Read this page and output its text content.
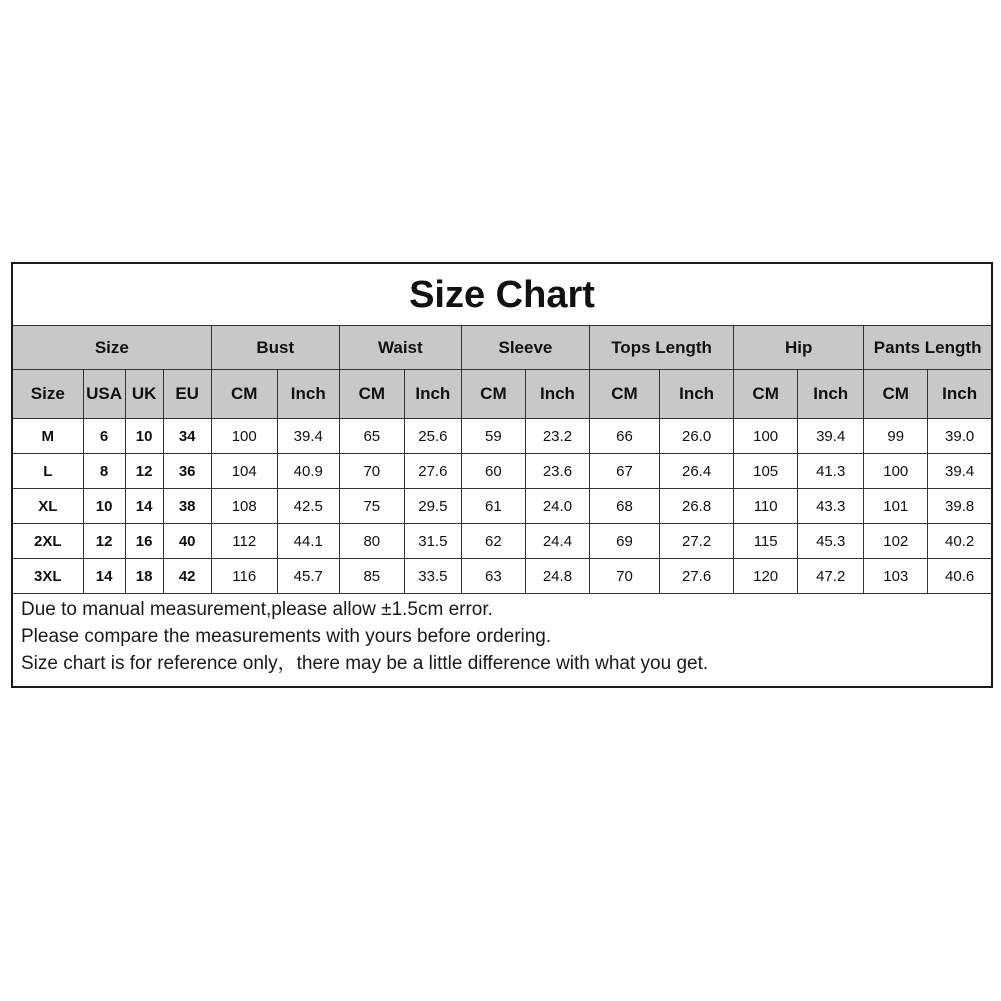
Size Chart
Size				Bust		Waist		Sleeve		Tops Length		Hip		Pants Length	
Size	USA	UK	EU	CM	Inch	CM	Inch	CM	Inch	CM	Inch	CM	Inch	CM	Inch
M	6	10	34	100	39.4	65	25.6	59	23.2	66	26.0	100	39.4	99	39.0
L	8	12	36	104	40.9	70	27.6	60	23.6	67	26.4	105	41.3	100	39.4
XL	10	14	38	108	42.5	75	29.5	61	24.0	68	26.8	110	43.3	101	39.8
2XL	12	16	40	112	44.1	80	31.5	62	24.4	69	27.2	115	45.3	102	40.2
3XL	14	18	42	116	45.7	85	33.5	63	24.8	70	27.6	120	47.2	103	40.6
Due to manual measurement,please allow ±1.5cm error.
Please compare the measurements with yours before ordering.
Size chart is for reference only，there may be a little difference with what you get.
